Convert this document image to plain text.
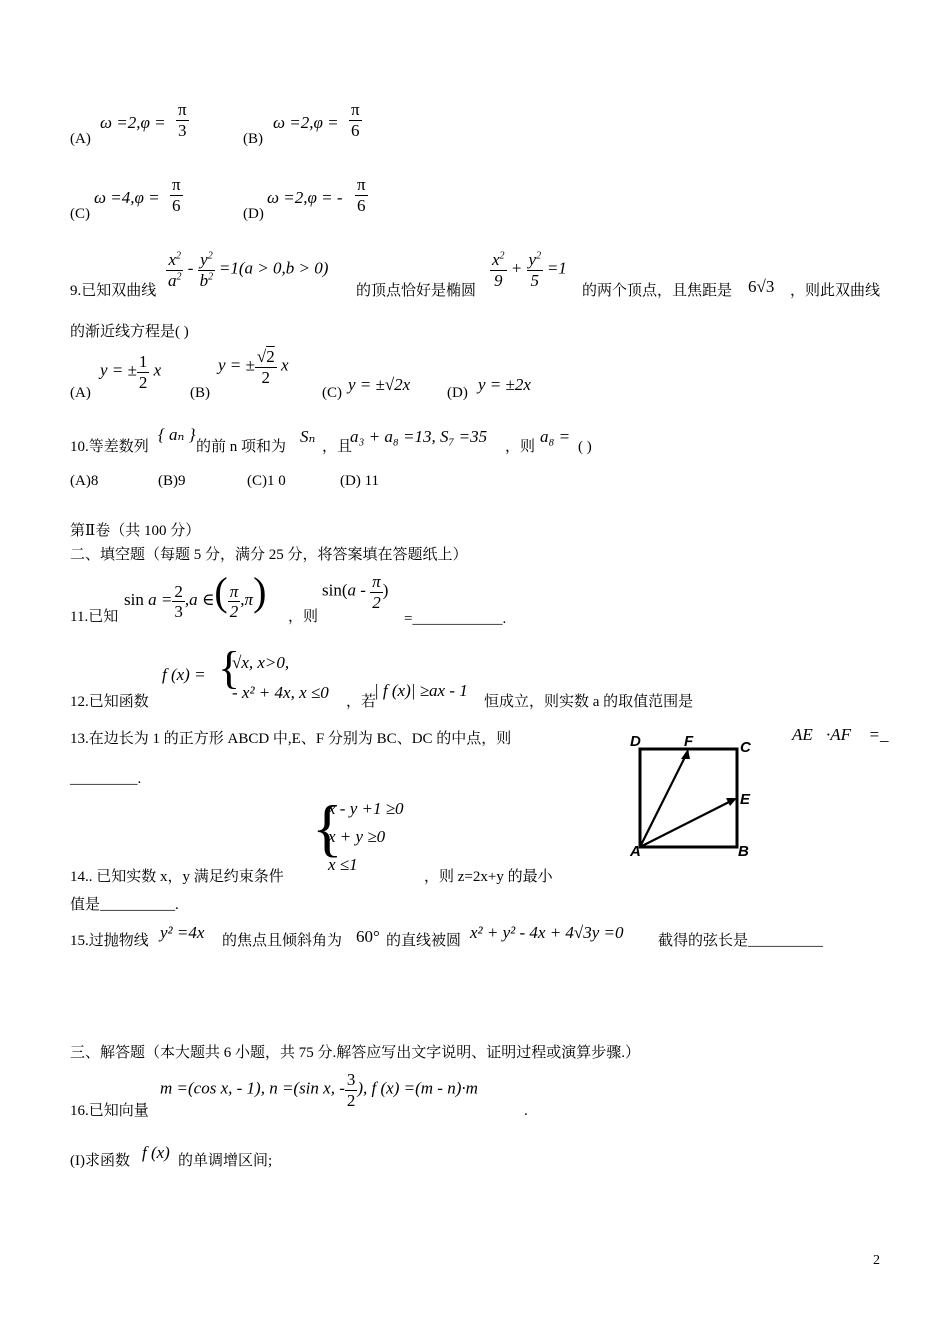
(A)
$\omega =2,\varphi = \frac{\pi}{3}$	(B)
$\omega =2,\varphi = \frac{\pi}{6}$
(C)
$\omega =4,\varphi = \frac{\pi}{6}$	(D)
ω =2,φ = - $\frac{\pi}{6}$
9.已知双曲线
$\frac{x^2}{a^2} - \frac{y^2}{b^2} =1(a > 0,b > 0)$
的顶点恰好是椭圆
$\frac{x^2}{9} + \frac{y^2}{5} =1$
的两个顶点，且焦距是 6√3 ，则此双曲线
的渐近线方程是( )
(A)
y = ± $\frac{1}{2}$ x
(B)
y = ± $\frac{√2}{2}$ x
(C) y = ±√2x (D) y = ±2x
10.等差数列
{ aₙ }
的前 n 项和为
Sₙ
，且
a₃ + a₈ =13, S₇ =35
，则
a₈ =
( )
(A)8	(B)9	(C)1 0	(D) 11
第Ⅱ卷（共 100 分）
二、填空题（每题 5 分，满分 25 分，将答案填在答题纸上）
11.已知
$\sin a = \frac{2}{3} ,a$ ∈( $\frac{\pi}{2} ,\pi$)
，则
$\sin(a - \frac{\pi}{2}$ )
=____________.
12.已知函数
f (x) = {
√x, x>0,
- x² + 4x, x ≤0 ，若
| f (x)| ≥ax - 1
恒成立，则实数 a 的取值范围是
13.在边长为 1 的正方形 ABCD 中,E、F 分别为 BC、DC 的中点，则	AE⃗·AF⃗ =_
_________.
D	F	C
E
A	B
{
x - y +1 ≥0
x + y ≥0
x ≤1
14.. 已知实数 x，y 满足约束条件	，则 z=2x+y 的最小
值是__________.
15.过抛物线 y² =4x 的焦点且倾斜角为 60° 的直线被圆 x² + y² - 4x + 4√3y =0 截得的弦长是__________
三、解答题（本大题共 6 小题，共 75 分.解答应写出文字说明、证明过程或演算步骤.）
16.已知向量
m =(cos x, - 1), n =(sin x, - $\frac{3}{2}$ ), f (x) =(m - n)·m
.
(I)求函数 f (x) 的单调增区间;
2
